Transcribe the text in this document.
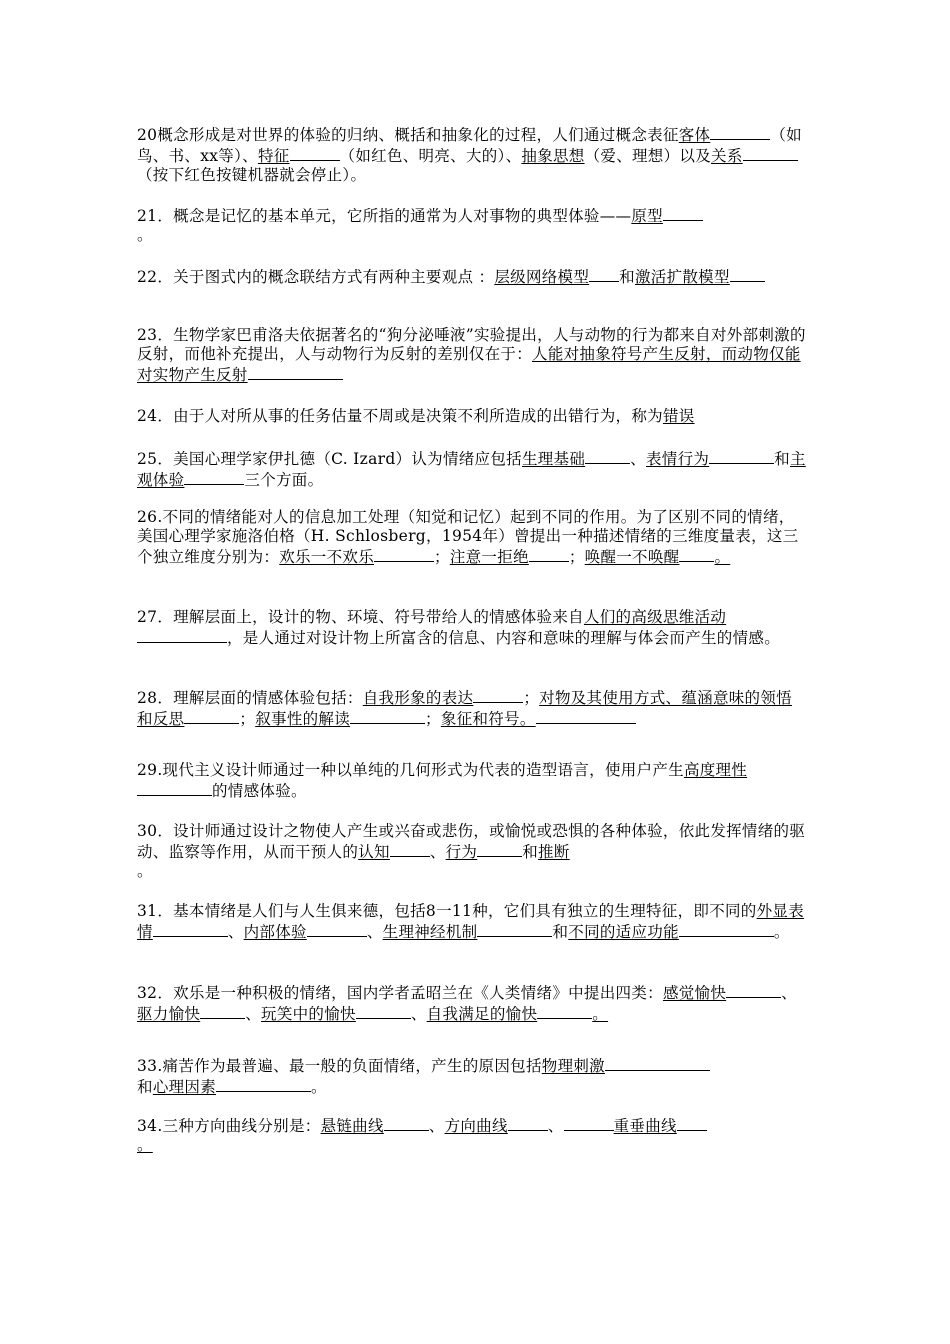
20概念形成是对世界的体验的归纳、概括和抽象化的过程，人们通过概念表征客体	（如鸟、书、xx等）、特征	（如红色、明亮、大的）、抽象思想（爱、理想）以及关系（按下红色按键机器就会停止）。

21．概念是记忆的基本单元，它所指的通常为人对事物的典型体验——原型
。

22．关于图式内的概念联结方式有两种主要观点 ：层级网络模型 和激活扩散模型

23．生物学家巴甫洛夫依据著名的“狗分泌唾液”实验提出，人与动物的行为都来自对外部刺激的反射，而他补充提出，人与动物行为反射的差别仅在于：人能对抽象符号产生反射，而动物仅能对实物产生反射

24．由于人对所从事的任务估量不周或是决策不利所造成的出错行为，称为错误

25．美国心理学家伊扎德（C. Izard）认为情绪应包括生理基础	、表情行为	和主观体验	三个方面。

26.不同的情绪能对人的信息加工处理（知觉和记忆）起到不同的作用。为了区别不同的情绪，美国心理学家施洛伯格（H. Schlosberg，1954年）曾提出一种描述情绪的三维度量表，这三个独立维度分别为：欢乐一不欢乐	；注意一拒绝	；唤醒一不唤醒 。

27．理解层面上，设计的物、环境、符号带给人的情感体验来自人们的高级思维活动，是人通过对设计物上所富含的信息、内容和意味的理解与体会而产生的情感。

28．理解层面的情感体验包括：自我形象的表达	；对物及其使用方式、蕴涵意味的领悟和反思	；叙事性的解读	；象征和符号。

29.现代主义设计师通过一种以单纯的几何形式为代表的造型语言，使用户产生高度理性的情感体验。

30．设计师通过设计之物使人产生或兴奋或悲伤，或愉悦或恐惧的各种体验，依此发挥情绪的驱动、监察等作用，从而干预人的认知	、行为	和推断
。

31．基本情绪是人们与人生俱来德，包括8一11种，它们具有独立的生理特征，即不同的外显表情	、内部体验	、生理神经机制	和不同的适应功能	。

32．欢乐是一种积极的情绪，国内学者孟昭兰在《人类情绪》中提出四类：感觉愉快	、驱力愉快	、玩笑中的愉快	、自我满足的愉快	。

33.痛苦作为最普遍、最一般的负面情绪，产生的原因包括物理刺激
和心理因素	。

34.三种方向曲线分别是：悬链曲线	、方向曲线	、	重垂曲线
。
